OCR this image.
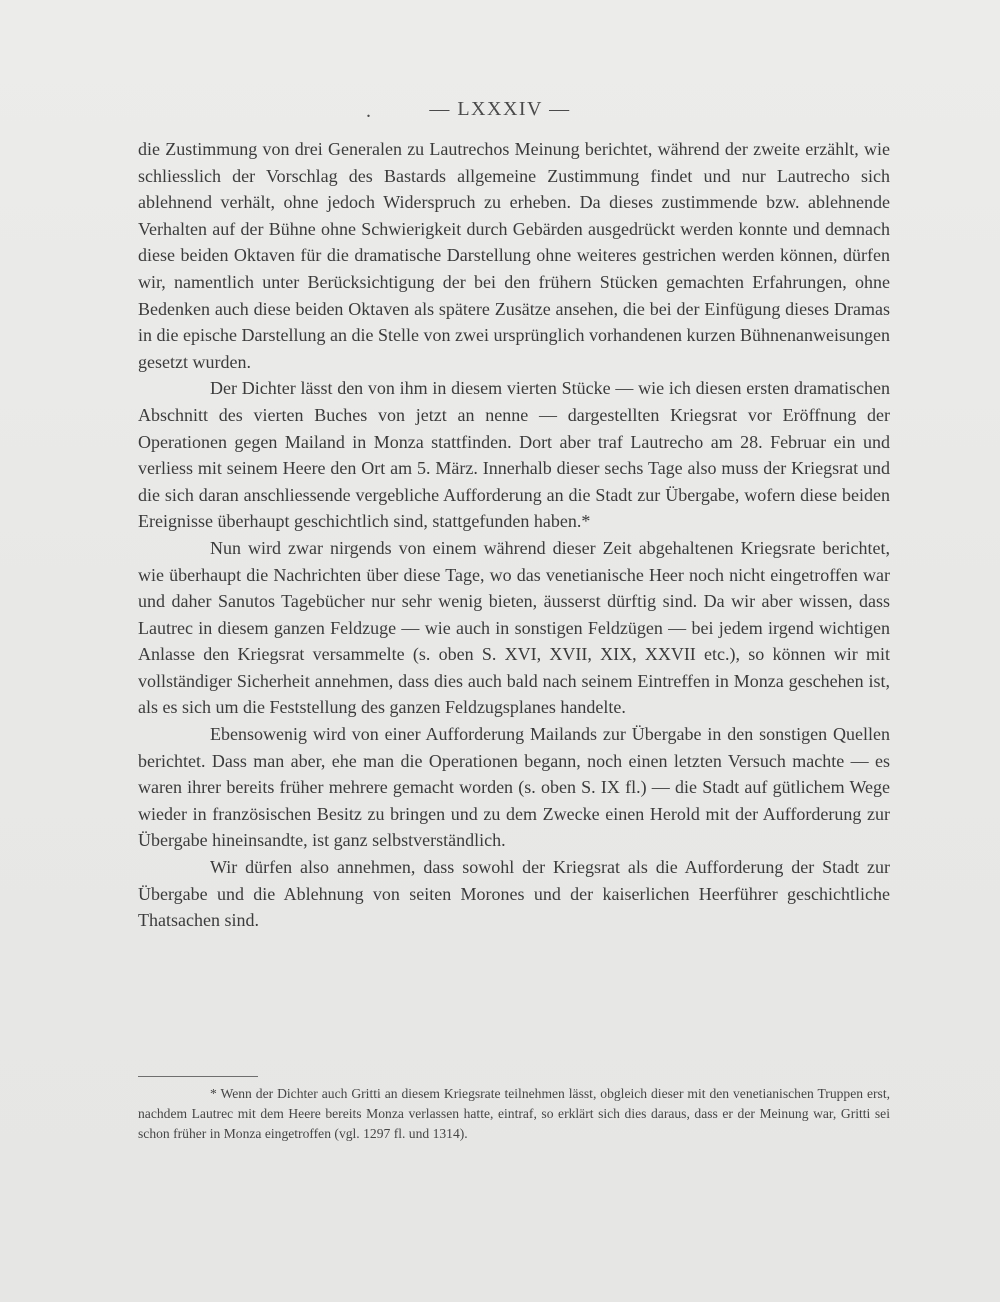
.	— LXXXIV —

die Zustimmung von drei Generalen zu Lautrechos Meinung berichtet, während der zweite erzählt, wie schliesslich der Vorschlag des Bastards allgemeine Zustimmung findet und nur Lautrecho sich ablehnend verhält, ohne jedoch Widerspruch zu erheben. Da dieses zustimmende bzw. ablehnende Verhalten auf der Bühne ohne Schwierigkeit durch Gebärden ausgedrückt werden konnte und demnach diese beiden Oktaven für die dramatische Darstellung ohne weiteres gestrichen werden können, dürfen wir, namentlich unter Berücksichtigung der bei den frühern Stücken gemachten Erfahrungen, ohne Bedenken auch diese beiden Oktaven als spätere Zusätze ansehen, die bei der Einfügung dieses Dramas in die epische Darstellung an die Stelle von zwei ursprünglich vorhandenen kurzen Bühnenanweisungen gesetzt wurden.

Der Dichter lässt den von ihm in diesem vierten Stücke — wie ich diesen ersten dramatischen Abschnitt des vierten Buches von jetzt an nenne — dargestellten Kriegsrat vor Eröffnung der Operationen gegen Mailand in Monza stattfinden. Dort aber traf Lautrecho am 28. Februar ein und verliess mit seinem Heere den Ort am 5. März. Innerhalb dieser sechs Tage also muss der Kriegsrat und die sich daran anschliessende vergebliche Aufforderung an die Stadt zur Übergabe, wofern diese beiden Ereignisse überhaupt geschichtlich sind, stattgefunden haben.*

Nun wird zwar nirgends von einem während dieser Zeit abgehaltenen Kriegsrate berichtet, wie überhaupt die Nachrichten über diese Tage, wo das venetianische Heer noch nicht eingetroffen war und daher Sanutos Tagebücher nur sehr wenig bieten, äusserst dürftig sind. Da wir aber wissen, dass Lautrec in diesem ganzen Feldzuge — wie auch in sonstigen Feldzügen — bei jedem irgend wichtigen Anlasse den Kriegsrat versammelte (s. oben S. XVI, XVII, XIX, XXVII etc.), so können wir mit vollständiger Sicherheit annehmen, dass dies auch bald nach seinem Eintreffen in Monza geschehen ist, als es sich um die Feststellung des ganzen Feldzugsplanes handelte.

Ebensowenig wird von einer Aufforderung Mailands zur Übergabe in den sonstigen Quellen berichtet. Dass man aber, ehe man die Operationen begann, noch einen letzten Versuch machte — es waren ihrer bereits früher mehrere gemacht worden (s. oben S. IX fl.) — die Stadt auf gütlichem Wege wieder in französischen Besitz zu bringen und zu dem Zwecke einen Herold mit der Aufforderung zur Übergabe hineinsandte, ist ganz selbstverständlich.

Wir dürfen also annehmen, dass sowohl der Kriegsrat als die Aufforderung der Stadt zur Übergabe und die Ablehnung von seiten Morones und der kaiserlichen Heerführer geschichtliche Thatsachen sind.

* Wenn der Dichter auch Gritti an diesem Kriegsrate teilnehmen lässt, obgleich dieser mit den venetianischen Truppen erst, nachdem Lautrec mit dem Heere bereits Monza verlassen hatte, eintraf, so erklärt sich dies daraus, dass er der Meinung war, Gritti sei schon früher in Monza eingetroffen (vgl. 1297 fl. und 1314).
